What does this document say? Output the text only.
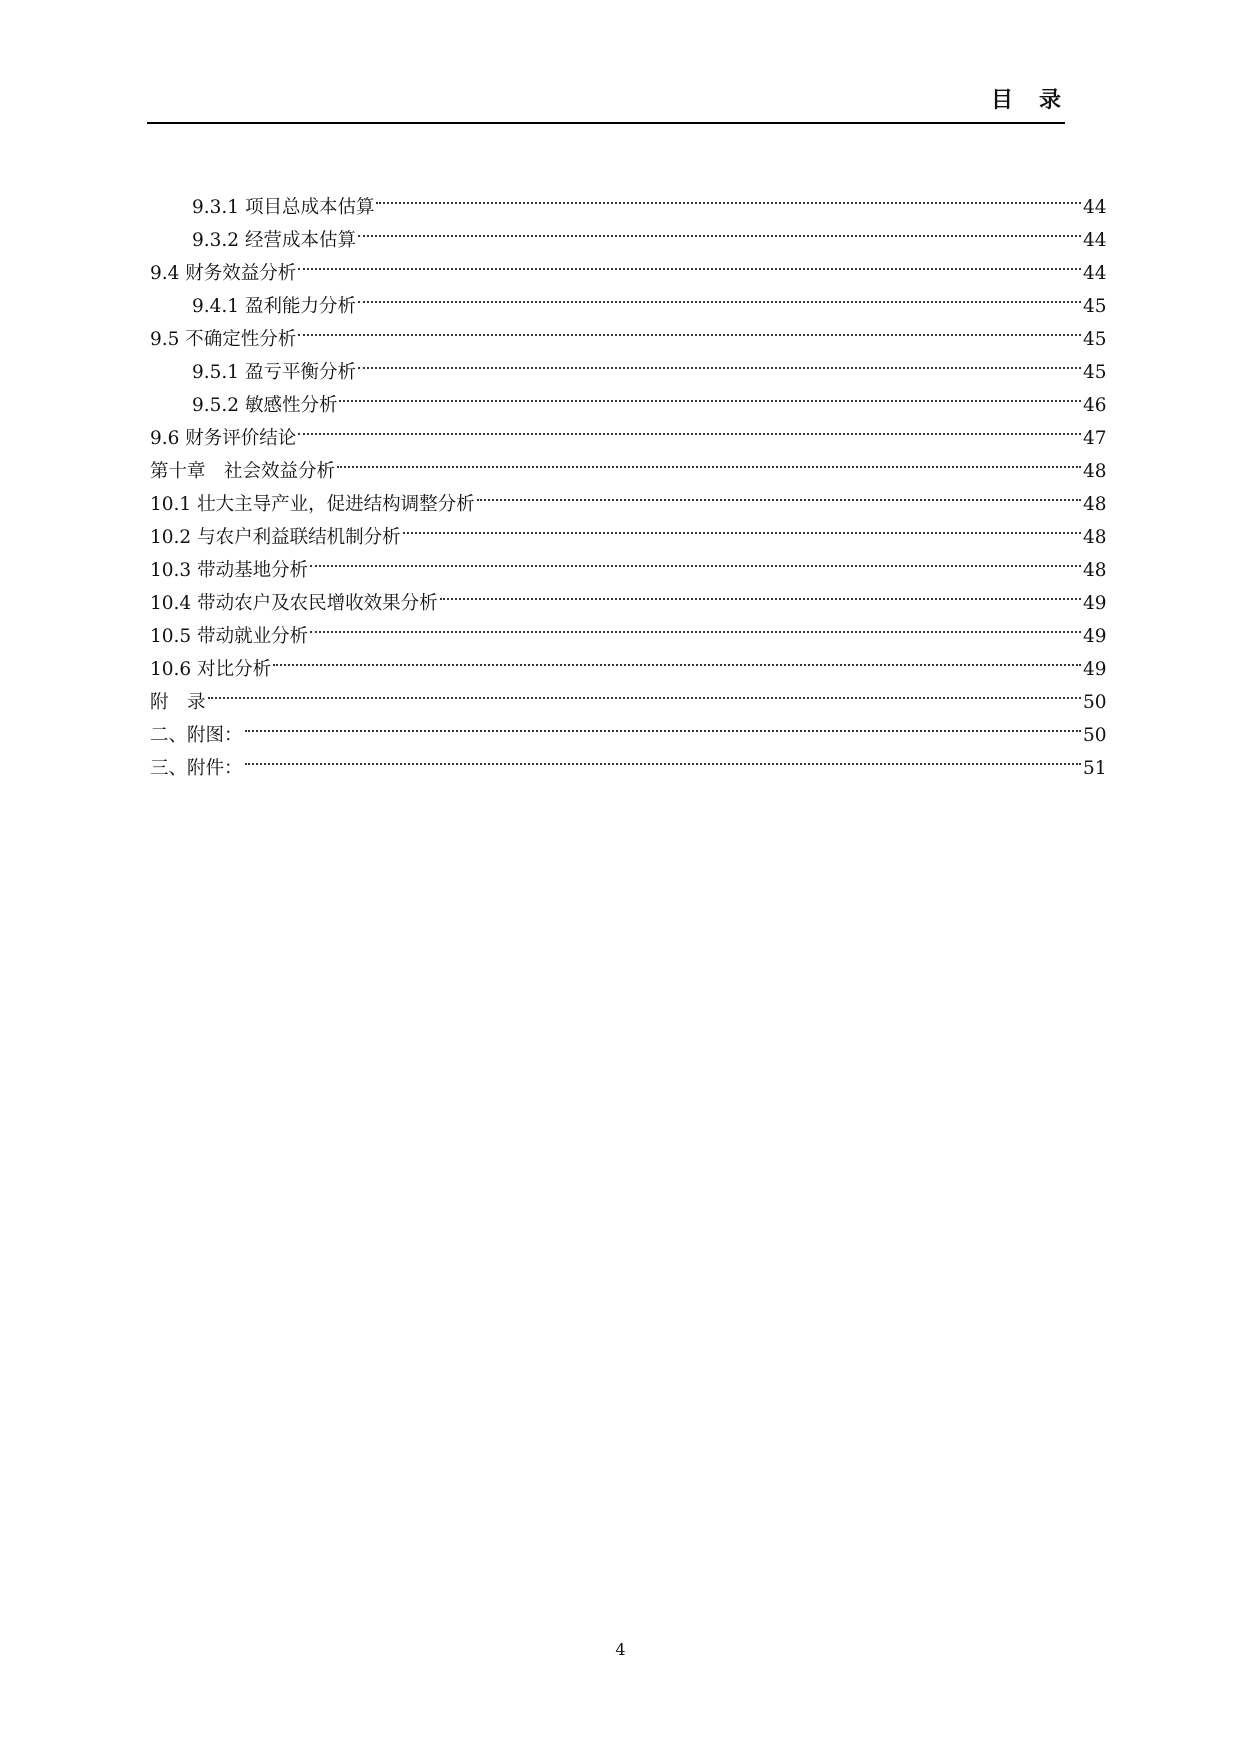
目　录
9.3.1 项目总成本估算	44
9.3.2 经营成本估算	44
9.4 财务效益分析	44
9.4.1 盈利能力分析	45
9.5 不确定性分析	45
9.5.1 盈亏平衡分析	45
9.5.2 敏感性分析	46
9.6 财务评价结论	47
第十章　社会效益分析	48
10.1 壮大主导产业，促进结构调整分析	48
10.2 与农户利益联结机制分析	48
10.3 带动基地分析	48
10.4 带动农户及农民增收效果分析	49
10.5 带动就业分析	49
10.6 对比分析	49
附　录	50
二、附图：	50
三、附件：	51
4
